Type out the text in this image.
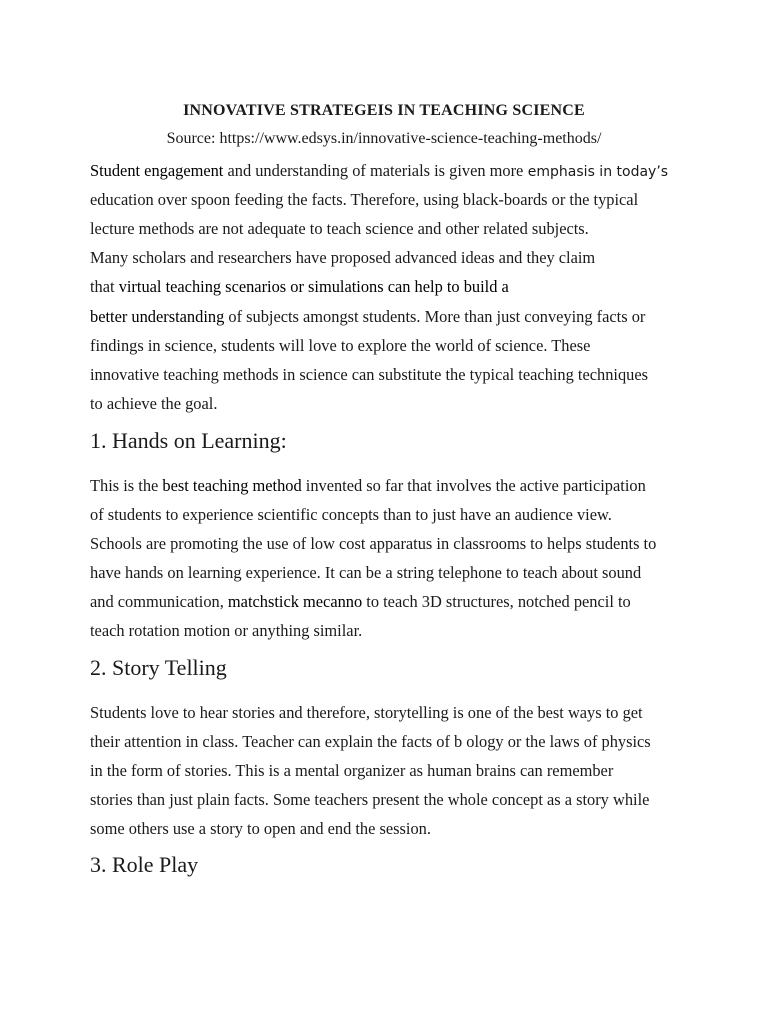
INNOVATIVE STRATEGEIS IN TEACHING SCIENCE
Source: https://www.edsys.in/innovative-science-teaching-methods/
Student engagement and understanding of materials is given more emphasis in today’s
education over spoon feeding the facts. Therefore, using black-boards or the typical
lecture methods are not adequate to teach science and other related subjects.
Many scholars and researchers have proposed advanced ideas and they claim
that virtual teaching scenarios or simulations can help to build a
better understanding of subjects amongst students. More than just conveying facts or
findings in science, students will love to explore the world of science. These
innovative teaching methods in science can substitute the typical teaching techniques
to achieve the goal.
1. Hands on Learning:
This is the best teaching method invented so far that involves the active participation
of students to experience scientific concepts than to just have an audience view.
Schools are promoting the use of low cost apparatus in classrooms to helps students to
have hands on learning experience. It can be a string telephone to teach about sound
and communication, matchstick mecanno to teach 3D structures, notched pencil to
teach rotation motion or anything similar.
2. Story Telling
Students love to hear stories and therefore, storytelling is one of the best ways to get
their attention in class. Teacher can explain the facts of b ology or the laws of physics
in the form of stories. This is a mental organizer as human brains can remember
stories than just plain facts. Some teachers present the whole concept as a story while
some others use a story to open and end the session.
3. Role Play
